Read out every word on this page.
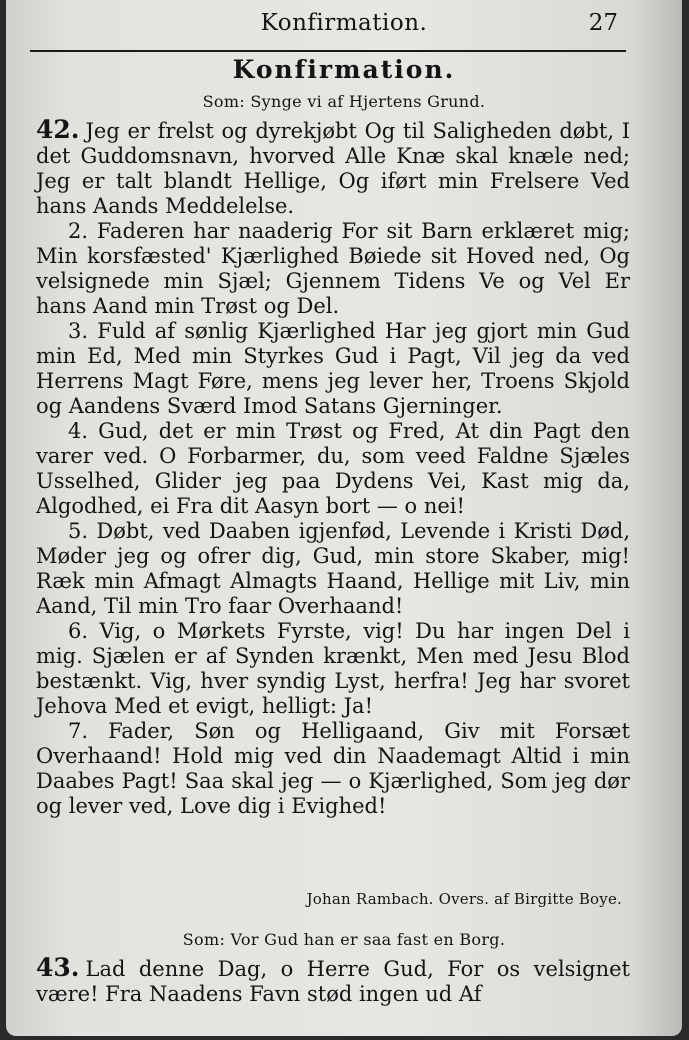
Konfirmation.	27
Konfirmation.
Som: Synge vi af Hjertens Grund.

42. Jeg er frelst og dyrekjøbt Og til Saligheden døbt, I det Guddomsnavn, hvorved Alle Knæ skal knæle ned; Jeg er talt blandt Hellige, Og iført min Frelsere Ved hans Aands Meddelelse.

2. Faderen har naaderig For sit Barn erklæret mig; Min korsfæsted' Kjærlighed Bøiede sit Hoved ned, Og velsignede min Sjæl; Gjennem Tidens Ve og Vel Er hans Aand min Trøst og Del.

3. Fuld af sønlig Kjærlighed Har jeg gjort min Gud min Ed, Med min Styrkes Gud i Pagt, Vil jeg da ved Herrens Magt Føre, mens jeg lever her, Troens Skjold og Aandens Sværd Imod Satans Gjerninger.

4. Gud, det er min Trøst og Fred, At din Pagt den varer ved. O Forbarmer, du, som veed Faldne Sjæles Usselhed, Glider jeg paa Dydens Vei, Kast mig da, Algodhed, ei Fra dit Aasyn bort — o nei!

5. Døbt, ved Daaben igjenfød, Levende i Kristi Død, Møder jeg og ofrer dig, Gud, min store Skaber, mig! Ræk min Afmagt Almagts Haand, Hellige mit Liv, min Aand, Til min Tro faar Overhaand!

6. Vig, o Mørkets Fyrste, vig! Du har ingen Del i mig. Sjælen er af Synden krænkt, Men med Jesu Blod bestænkt. Vig, hver syndig Lyst, herfra! Jeg har svoret Jehova Med et evigt, helligt: Ja!

7. Fader, Søn og Helligaand, Giv mit Forsæt Overhaand! Hold mig ved din Naademagt Altid i min Daabes Pagt! Saa skal jeg — o Kjærlighed, Som jeg dør og lever ved, Love dig i Evighed!

Johan Rambach. Overs. af Birgitte Boye.
Som: Vor Gud han er saa fast en Borg.

43. Lad denne Dag, o Herre Gud, For os velsignet være! Fra Naadens Favn stød ingen ud Af
